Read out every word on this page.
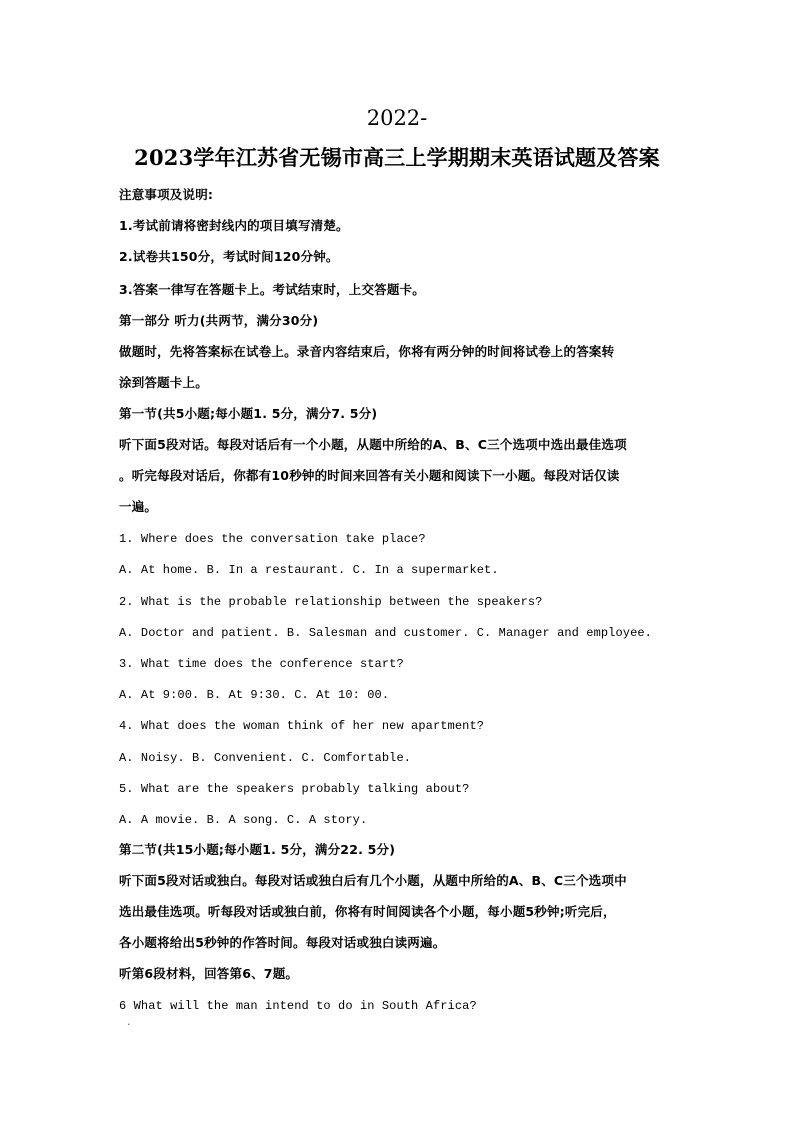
2022-
2023学年江苏省无锡市高三上学期期末英语试题及答案
注意事项及说明:
1.考试前请将密封线内的项目填写清楚。
2.试卷共150分，考试时间120分钟。
3.答案一律写在答题卡上。考试结束时，上交答题卡。
第一部分 听力(共两节，满分30分)
做题时，先将答案标在试卷上。录音内容结束后，你将有两分钟的时间将试卷上的答案转
涂到答题卡上。
第一节(共5小题;每小题1. 5分，满分7. 5分)
听下面5段对话。每段对话后有一个小题，从题中所给的A、B、C三个选项中选出最佳选项
。听完每段对话后，你都有10秒钟的时间来回答有关小题和阅读下一小题。每段对话仅读
一遍。
1. Where does the conversation take place?
A. At home. B. In a restaurant. C. In a supermarket.
2. What is the probable relationship between the speakers?
A. Doctor and patient. B. Salesman and customer. C. Manager and employee.
3. What time does the conference start?
A. At 9:00. B. At 9:30. C. At 10: 00.
4. What does the woman think of her new apartment?
A. Noisy. B. Convenient. C. Comfortable.
5. What are the speakers probably talking about?
A. A movie. B. A song. C. A story.
第二节(共15小题;每小题1. 5分，满分22. 5分)
听下面5段对话或独白。每段对话或独白后有几个小题，从题中所给的A、B、C三个选项中
选出最佳选项。听每段对话或独白前，你将有时间阅读各个小题，每小题5秒钟;听完后，
各小题将给出5秒钟的作答时间。每段对话或独白读两遍。
听第6段材料，回答第6、7题。
6 What will the man intend to do in South Africa?
·
